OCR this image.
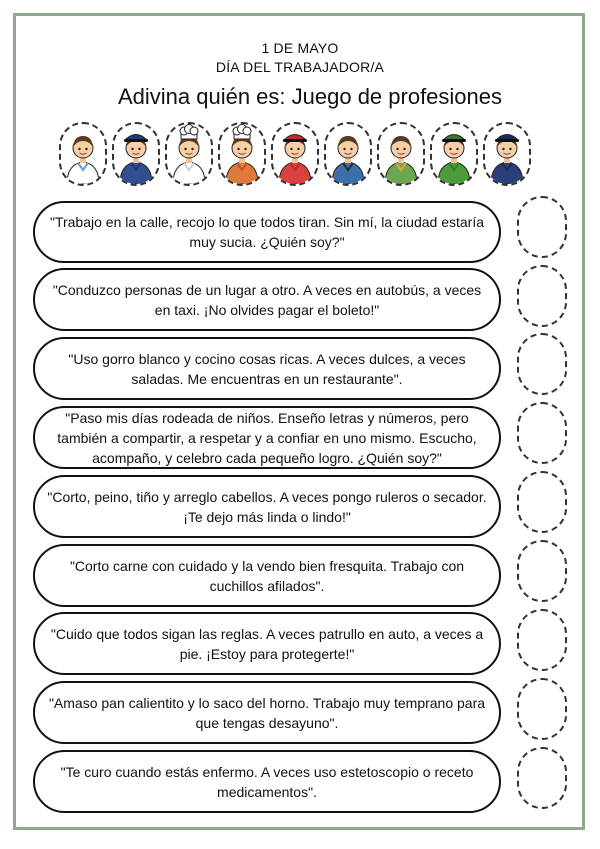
1 DE MAYO
DÍA DEL TRABAJADOR/A
Adivina quién es: Juego de profesiones
"Trabajo en la calle, recojo lo que todos tiran. Sin mí, la ciudad estaría muy sucia. ¿Quién soy?"
"Conduzco personas de un lugar a otro. A veces en autobús, a veces en taxi. ¡No olvides pagar el boleto!"
"Uso gorro blanco y cocino cosas ricas. A veces dulces, a veces saladas. Me encuentras en un restaurante".
"Paso mis días rodeada de niños. Enseño letras y números, pero también a compartir, a respetar y a confiar en uno mismo. Escucho, acompaño, y celebro cada pequeño logro. ¿Quién soy?"
"Corto, peino, tiño y arreglo cabellos. A veces pongo ruleros o secador. ¡Te dejo más linda o lindo!"
"Corto carne con cuidado y la vendo bien fresquita. Trabajo con cuchillos afilados".
"Cuido que todos sigan las reglas. A veces patrullo en auto, a veces a pie. ¡Estoy para protegerte!"
"Amaso pan calientito y lo saco del horno. Trabajo muy temprano para que tengas desayuno".
"Te curo cuando estás enfermo. A veces uso estetoscopio o receto medicamentos".
